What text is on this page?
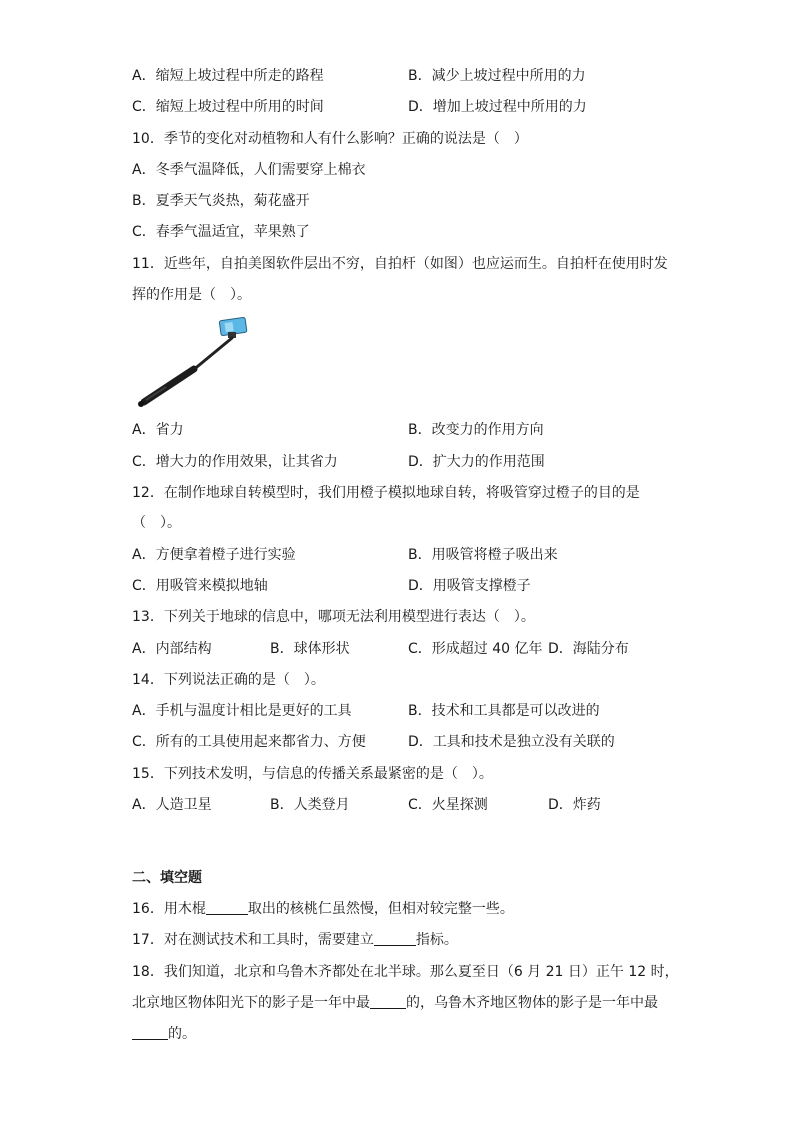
A．缩短上坡过程中所走的路程	B．减少上坡过程中所用的力
C．缩短上坡过程中所用的时间	D．增加上坡过程中所用的力
10．季节的变化对动植物和人有什么影响？正确的说法是（　）
A．冬季气温降低，人们需要穿上棉衣
B．夏季天气炎热，菊花盛开
C．春季气温适宜，苹果熟了
11．近些年，自拍美图软件层出不穷，自拍杆（如图）也应运而生。自拍杆在使用时发
挥的作用是（　）。
A．省力	B．改变力的作用方向
C．增大力的作用效果，让其省力	D．扩大力的作用范围
12．在制作地球自转模型时，我们用橙子模拟地球自转，将吸管穿过橙子的目的是
（　）。
A．方便拿着橙子进行实验	B．用吸管将橙子吸出来
C．用吸管来模拟地轴	D．用吸管支撑橙子
13．下列关于地球的信息中，哪项无法利用模型进行表达（　）。
A．内部结构	B．球体形状	C．形成超过 40 亿年 D．海陆分布
14．下列说法正确的是（　）。
A．手机与温度计相比是更好的工具	B．技术和工具都是可以改进的
C．所有的工具使用起来都省力、方便	D．工具和技术是独立没有关联的
15．下列技术发明，与信息的传播关系最紧密的是（　）。
A．人造卫星	B．人类登月	C．火星探测	D．炸药
二、填空题
16．用木棍	取出的核桃仁虽然慢，但相对较完整一些。
17．对在测试技术和工具时，需要建立	指标。
18．我们知道，北京和乌鲁木齐都处在北半球。那么夏至日（6 月 21 日）正午 12 时，
北京地区物体阳光下的影子是一年中最	的，乌鲁木齐地区物体的影子是一年中最
的。
